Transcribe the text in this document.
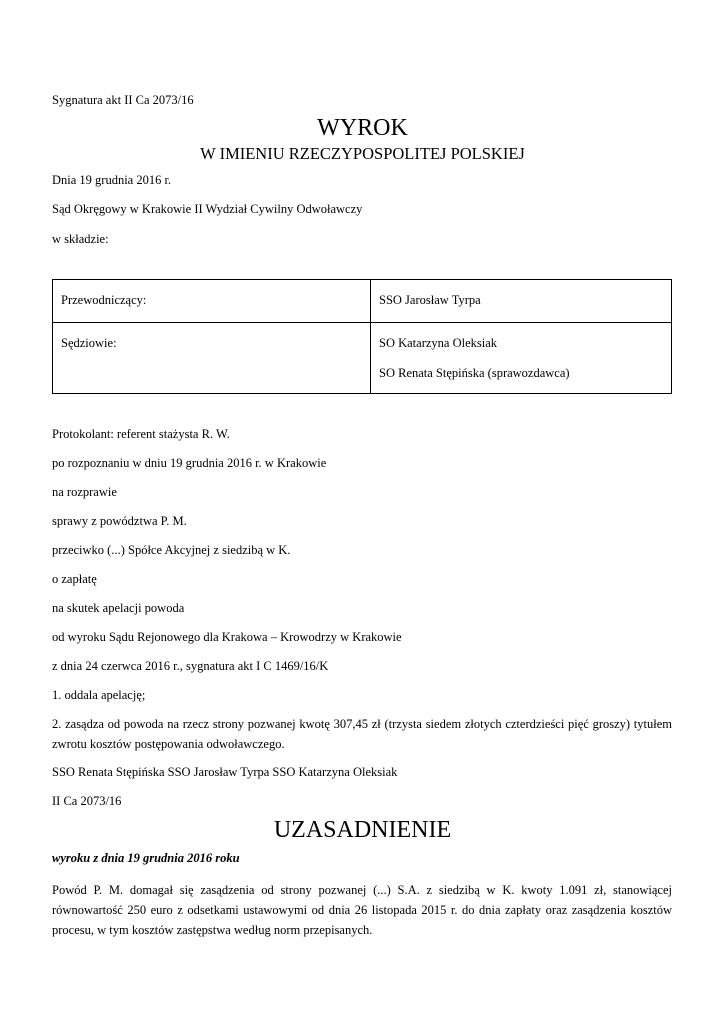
Sygnatura akt II Ca 2073/16
WYROK
W IMIENIU RZECZYPOSPOLITEJ POLSKIEJ
Dnia 19 grudnia 2016 r.
Sąd Okręgowy w Krakowie II Wydział Cywilny Odwoławczy
w składzie:
Przewodniczący:	SSO Jarosław Tyrpa

Sędziowie:	SO Katarzyna Oleksiak
SO Renata Stępińska (sprawozdawca)
Protokolant: referent stażysta R. W.
po rozpoznaniu w dniu 19 grudnia 2016 r. w Krakowie
na rozprawie
sprawy z powództwa P. M.
przeciwko (...) Spółce Akcyjnej z siedzibą w K.
o zapłatę
na skutek apelacji powoda
od wyroku Sądu Rejonowego dla Krakowa – Krowodrzy w Krakowie
z dnia 24 czerwca 2016 r., sygnatura akt I C 1469/16/K
1. oddala apelację;
2. zasądza od powoda na rzecz strony pozwanej kwotę 307,45 zł (trzysta siedem złotych czterdzieści pięć groszy) tytułem zwrotu kosztów postępowania odwoławczego.
SSO Renata Stępińska SSO Jarosław Tyrpa SSO Katarzyna Oleksiak
II Ca 2073/16
UZASADNIENIE
wyroku z dnia 19 grudnia 2016 roku
Powód P. M. domagał się zasądzenia od strony pozwanej (...) S.A. z siedzibą w K. kwoty 1.091 zł, stanowiącej równowartość 250 euro z odsetkami ustawowymi od dnia 26 listopada 2015 r. do dnia zapłaty oraz zasądzenia kosztów procesu, w tym kosztów zastępstwa według norm przepisanych.
